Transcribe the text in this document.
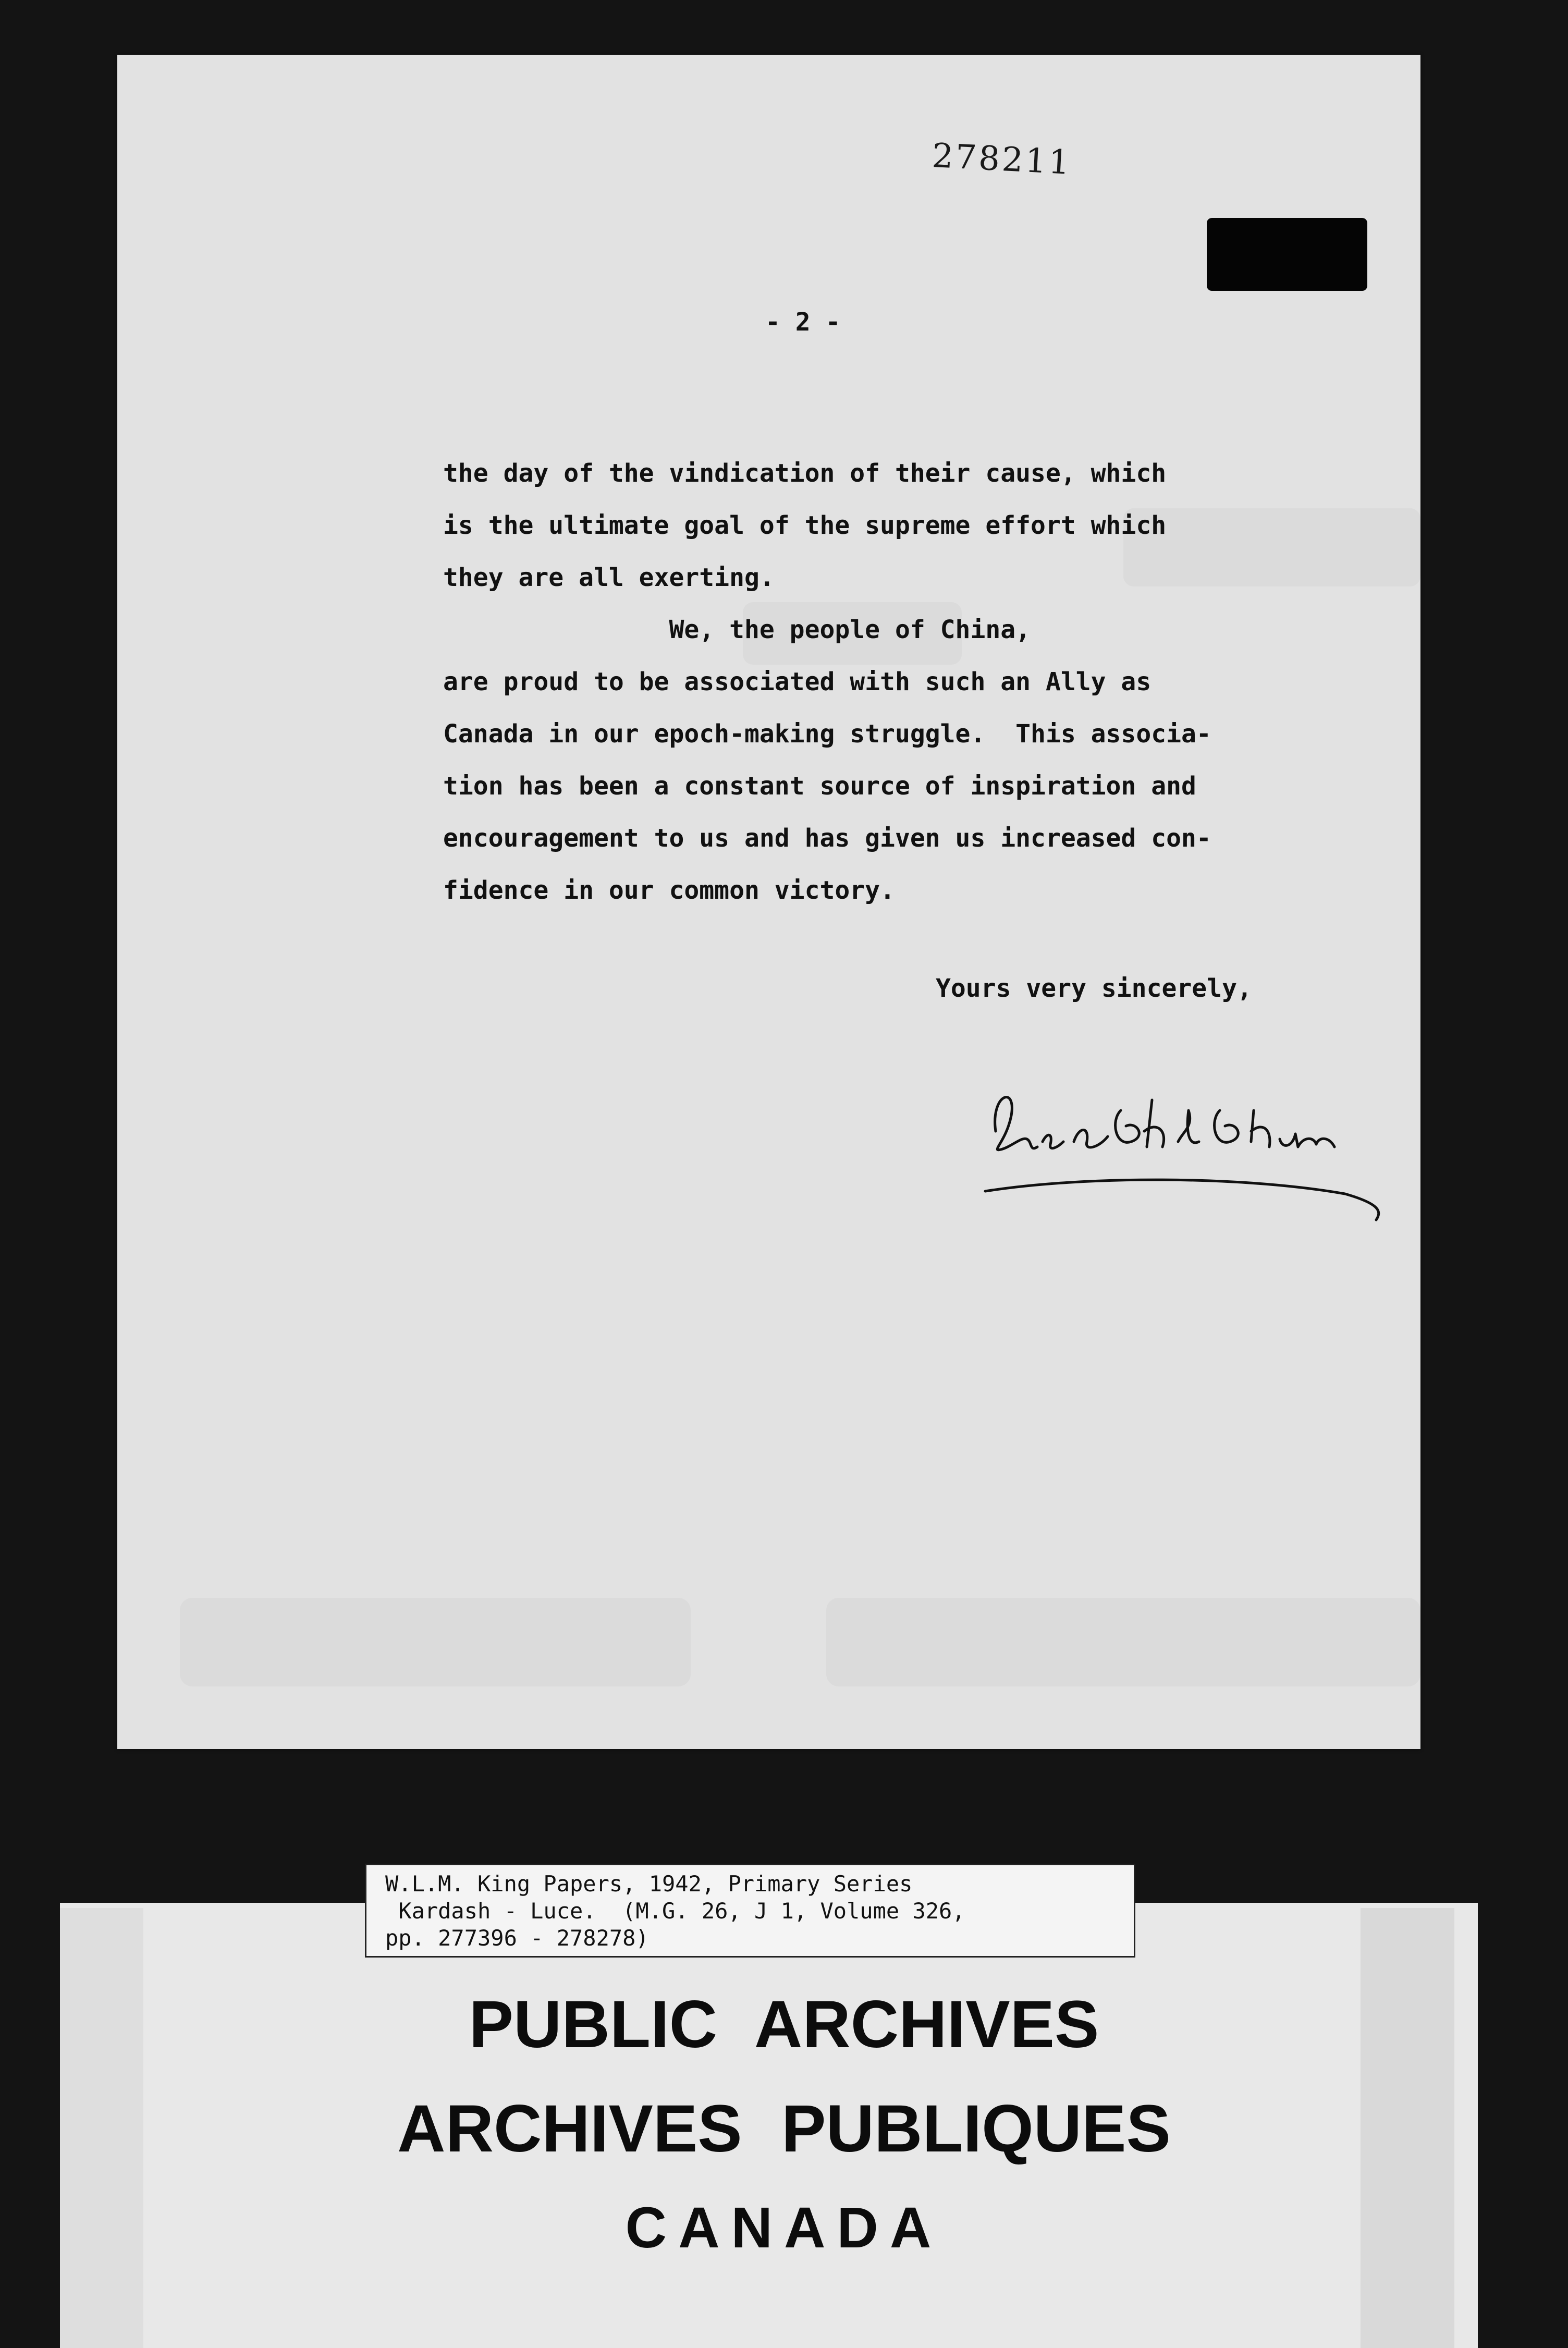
278211
- 2 -
the day of the vindication of their cause, which
is the ultimate goal of the supreme effort which
they are all exerting.
We, the people of China,
are proud to be associated with such an Ally as
Canada in our epoch-making struggle.  This associa-
tion has been a constant source of inspiration and
encouragement to us and has given us increased con-
fidence in our common victory.
Yours very sincerely,
W.L.M. King Papers, 1942, Primary Series
Kardash - Luce.  (M.G. 26, J 1, Volume 326,
pp. 277396 - 278278)
PUBLIC ARCHIVES
ARCHIVES PUBLIQUES
CANADA
